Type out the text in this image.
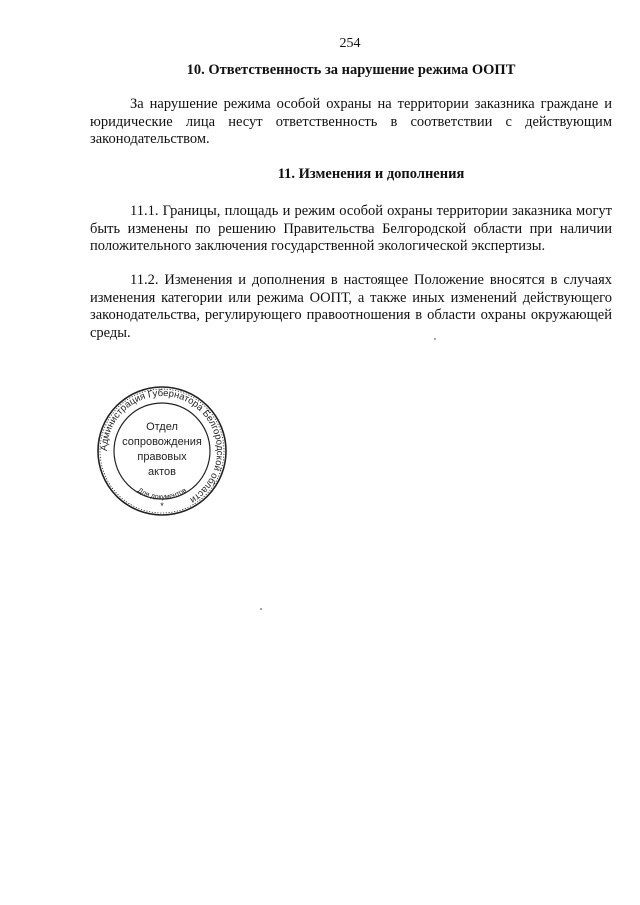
254
10. Ответственность за нарушение режима ООПТ

За нарушение режима особой охраны на территории заказника граждане и юридические лица несут ответственность в соответствии с действующим законодательством.

11. Изменения и дополнения

11.1. Границы, площадь и режим особой охраны территории заказника могут быть изменены по решению Правительства Белгородской области при наличии положительного заключения государственной экологической экспертизы.

11.2. Изменения и дополнения в настоящее Положение вносятся в случаях изменения категории или режима ООПТ, а также иных изменений действующего законодательства, регулирующего правоотношения в области охраны окружающей среды.

Администрация Губернатора Белгородской области
Для документов
Отдел
сопровождения
правовых
актов
*
